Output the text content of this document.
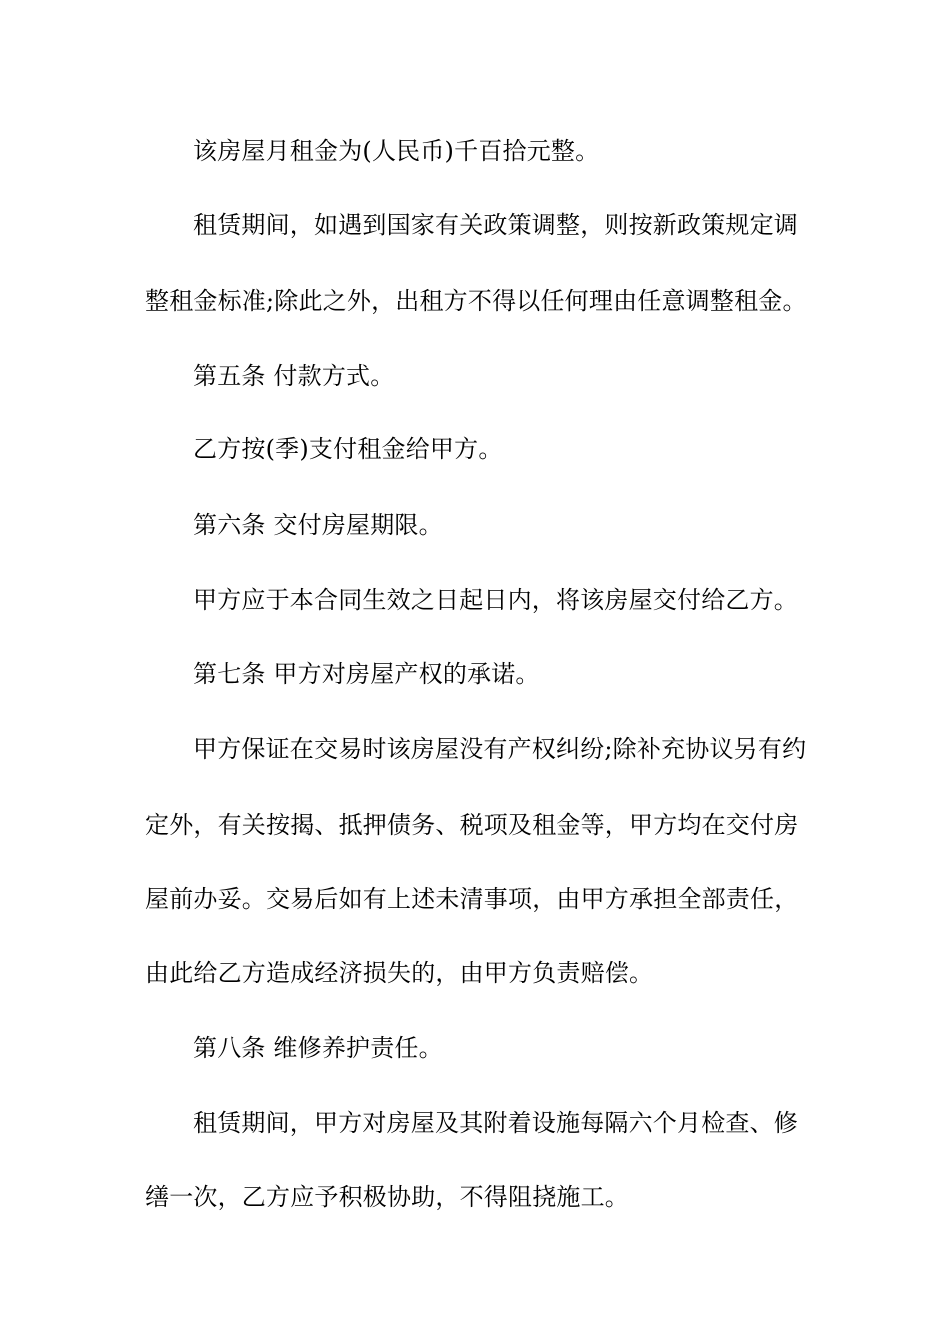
该房屋月租金为(人民币)千百拾元整。
租赁期间，如遇到国家有关政策调整，则按新政策规定调
整租金标准;除此之外，出租方不得以任何理由任意调整租金。
第五条 付款方式。
乙方按(季)支付租金给甲方。
第六条 交付房屋期限。
甲方应于本合同生效之日起日内，将该房屋交付给乙方。
第七条 甲方对房屋产权的承诺。
甲方保证在交易时该房屋没有产权纠纷;除补充协议另有约
定外，有关按揭、抵押债务、税项及租金等，甲方均在交付房
屋前办妥。交易后如有上述未清事项，由甲方承担全部责任，
由此给乙方造成经济损失的，由甲方负责赔偿。
第八条 维修养护责任。
租赁期间，甲方对房屋及其附着设施每隔六个月检查、修
缮一次，乙方应予积极协助，不得阻挠施工。
